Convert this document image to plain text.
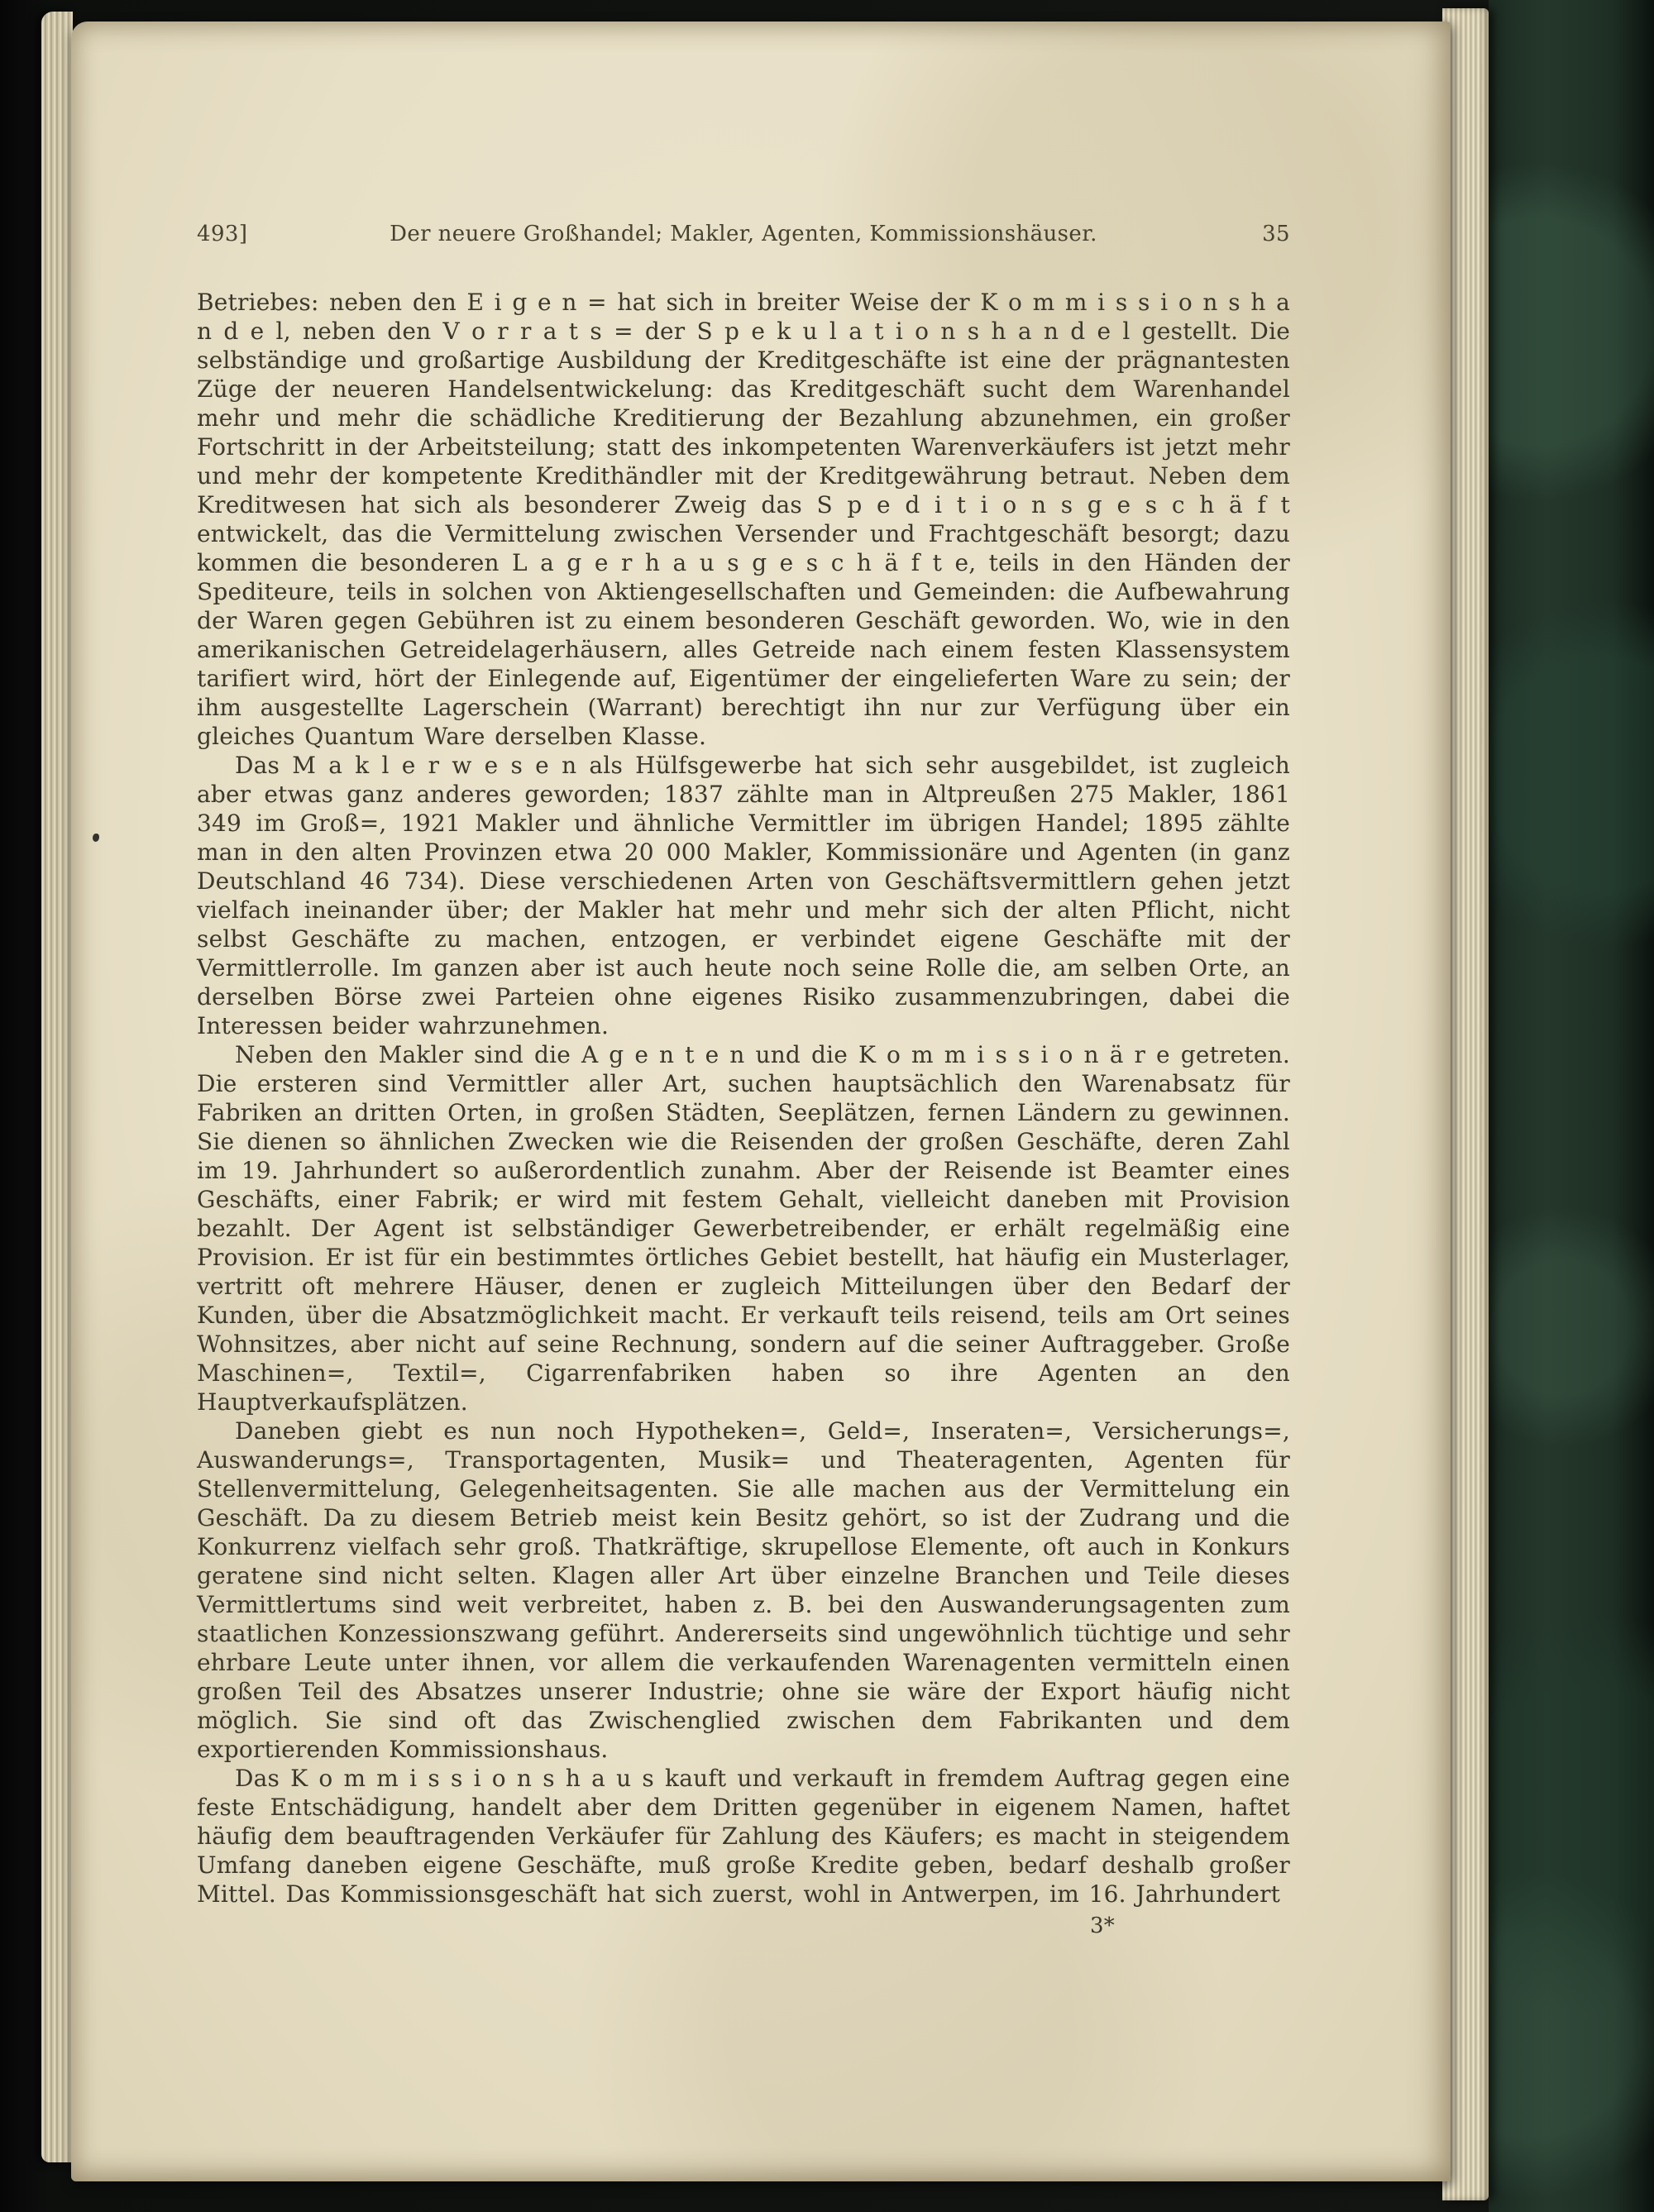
493]	Der neuere Großhandel; Makler, Agenten, Kommissionshäuser.	35

Betriebes: neben den E i g e n = hat sich in breiter Weise der K o m m i s s i o n s h a n d e l, neben den V o r r a t s = der S p e k u l a t i o n s h a n d e l gestellt. Die selbständige und großartige Ausbildung der Kreditgeschäfte ist eine der prägnantesten Züge der neueren Handelsentwickelung: das Kreditgeschäft sucht dem Warenhandel mehr und mehr die schädliche Kreditierung der Bezahlung abzunehmen, ein großer Fortschritt in der Arbeitsteilung; statt des inkompetenten Warenverkäufers ist jetzt mehr und mehr der kompetente Kredithändler mit der Kreditgewährung betraut. Neben dem Kreditwesen hat sich als besonderer Zweig das S p e d i t i o n s g e s c h ä f t entwickelt, das die Vermittelung zwischen Versender und Frachtgeschäft besorgt; dazu kommen die besonderen L a g e r h a u s g e s c h ä f t e, teils in den Händen der Spediteure, teils in solchen von Aktiengesellschaften und Gemeinden: die Aufbewahrung der Waren gegen Gebühren ist zu einem besonderen Geschäft geworden. Wo, wie in den amerikanischen Getreidelagerhäusern, alles Getreide nach einem festen Klassensystem tarifiert wird, hört der Einlegende auf, Eigentümer der eingelieferten Ware zu sein; der ihm ausgestellte Lagerschein (Warrant) berechtigt ihn nur zur Verfügung über ein gleiches Quantum Ware derselben Klasse.

Das M a k l e r w e s e n als Hülfsgewerbe hat sich sehr ausgebildet, ist zugleich aber etwas ganz anderes geworden; 1837 zählte man in Altpreußen 275 Makler, 1861 349 im Groß=, 1921 Makler und ähnliche Vermittler im übrigen Handel; 1895 zählte man in den alten Provinzen etwa 20 000 Makler, Kommissionäre und Agenten (in ganz Deutschland 46 734). Diese verschiedenen Arten von Geschäftsvermittlern gehen jetzt vielfach ineinander über; der Makler hat mehr und mehr sich der alten Pflicht, nicht selbst Geschäfte zu machen, entzogen, er verbindet eigene Geschäfte mit der Vermittlerrolle. Im ganzen aber ist auch heute noch seine Rolle die, am selben Orte, an derselben Börse zwei Parteien ohne eigenes Risiko zusammenzubringen, dabei die Interessen beider wahrzunehmen.

Neben den Makler sind die A g e n t e n und die K o m m i s s i o n ä r e getreten. Die ersteren sind Vermittler aller Art, suchen hauptsächlich den Warenabsatz für Fabriken an dritten Orten, in großen Städten, Seeplätzen, fernen Ländern zu gewinnen. Sie dienen so ähnlichen Zwecken wie die Reisenden der großen Geschäfte, deren Zahl im 19. Jahrhundert so außerordentlich zunahm. Aber der Reisende ist Beamter eines Geschäfts, einer Fabrik; er wird mit festem Gehalt, vielleicht daneben mit Provision bezahlt. Der Agent ist selbständiger Gewerbetreibender, er erhält regelmäßig eine Provision. Er ist für ein bestimmtes örtliches Gebiet bestellt, hat häufig ein Musterlager, vertritt oft mehrere Häuser, denen er zugleich Mitteilungen über den Bedarf der Kunden, über die Absatzmöglichkeit macht. Er verkauft teils reisend, teils am Ort seines Wohnsitzes, aber nicht auf seine Rechnung, sondern auf die seiner Auftraggeber. Große Maschinen=, Textil=, Cigarrenfabriken haben so ihre Agenten an den Hauptverkaufsplätzen.

Daneben giebt es nun noch Hypotheken=, Geld=, Inseraten=, Versicherungs=, Auswanderungs=, Transportagenten, Musik= und Theateragenten, Agenten für Stellenvermittelung, Gelegenheitsagenten. Sie alle machen aus der Vermittelung ein Geschäft. Da zu diesem Betrieb meist kein Besitz gehört, so ist der Zudrang und die Konkurrenz vielfach sehr groß. Thatkräftige, skrupellose Elemente, oft auch in Konkurs geratene sind nicht selten. Klagen aller Art über einzelne Branchen und Teile dieses Vermittlertums sind weit verbreitet, haben z. B. bei den Auswanderungsagenten zum staatlichen Konzessionszwang geführt. Andererseits sind ungewöhnlich tüchtige und sehr ehrbare Leute unter ihnen, vor allem die verkaufenden Warenagenten vermitteln einen großen Teil des Absatzes unserer Industrie; ohne sie wäre der Export häufig nicht möglich. Sie sind oft das Zwischenglied zwischen dem Fabrikanten und dem exportierenden Kommissionshaus.

Das K o m m i s s i o n s h a u s kauft und verkauft in fremdem Auftrag gegen eine feste Entschädigung, handelt aber dem Dritten gegenüber in eigenem Namen, haftet häufig dem beauftragenden Verkäufer für Zahlung des Käufers; es macht in steigendem Umfang daneben eigene Geschäfte, muß große Kredite geben, bedarf deshalb großer Mittel. Das Kommissionsgeschäft hat sich zuerst, wohl in Antwerpen, im 16. Jahrhundert

3*
